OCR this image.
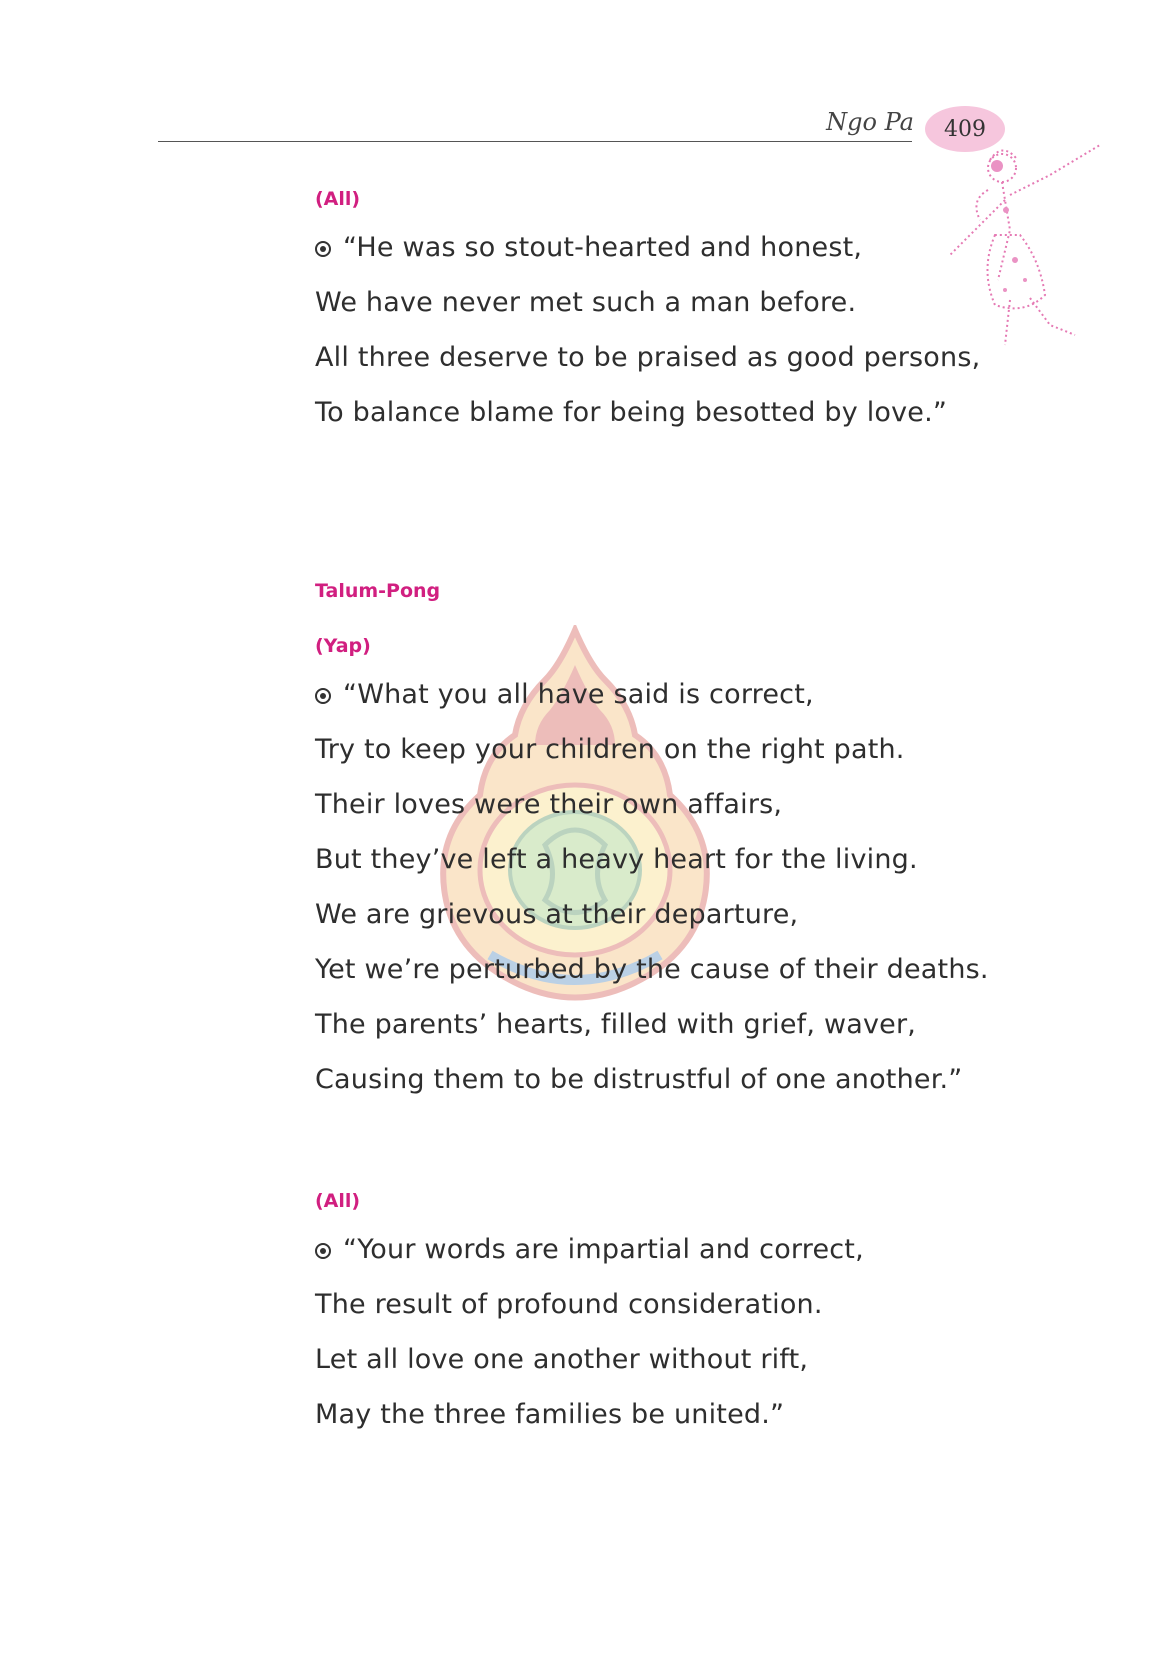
Ngo Pa 409
(All)
“He was so stout-hearted and honest,
We have never met such a man before.
All three deserve to be praised as good persons,
To balance blame for being besotted by love.”
Talum-Pong
(Yap)
“What you all have said is correct,
Try to keep your children on the right path.
Their loves were their own affairs,
But they’ve left a heavy heart for the living.
We are grievous at their departure,
Yet we’re perturbed by the cause of their deaths.
The parents’ hearts, filled with grief, waver,
Causing them to be distrustful of one another.”
(All)
“Your words are impartial and correct,
The result of profound consideration.
Let all love one another without rift,
May the three families be united.”
